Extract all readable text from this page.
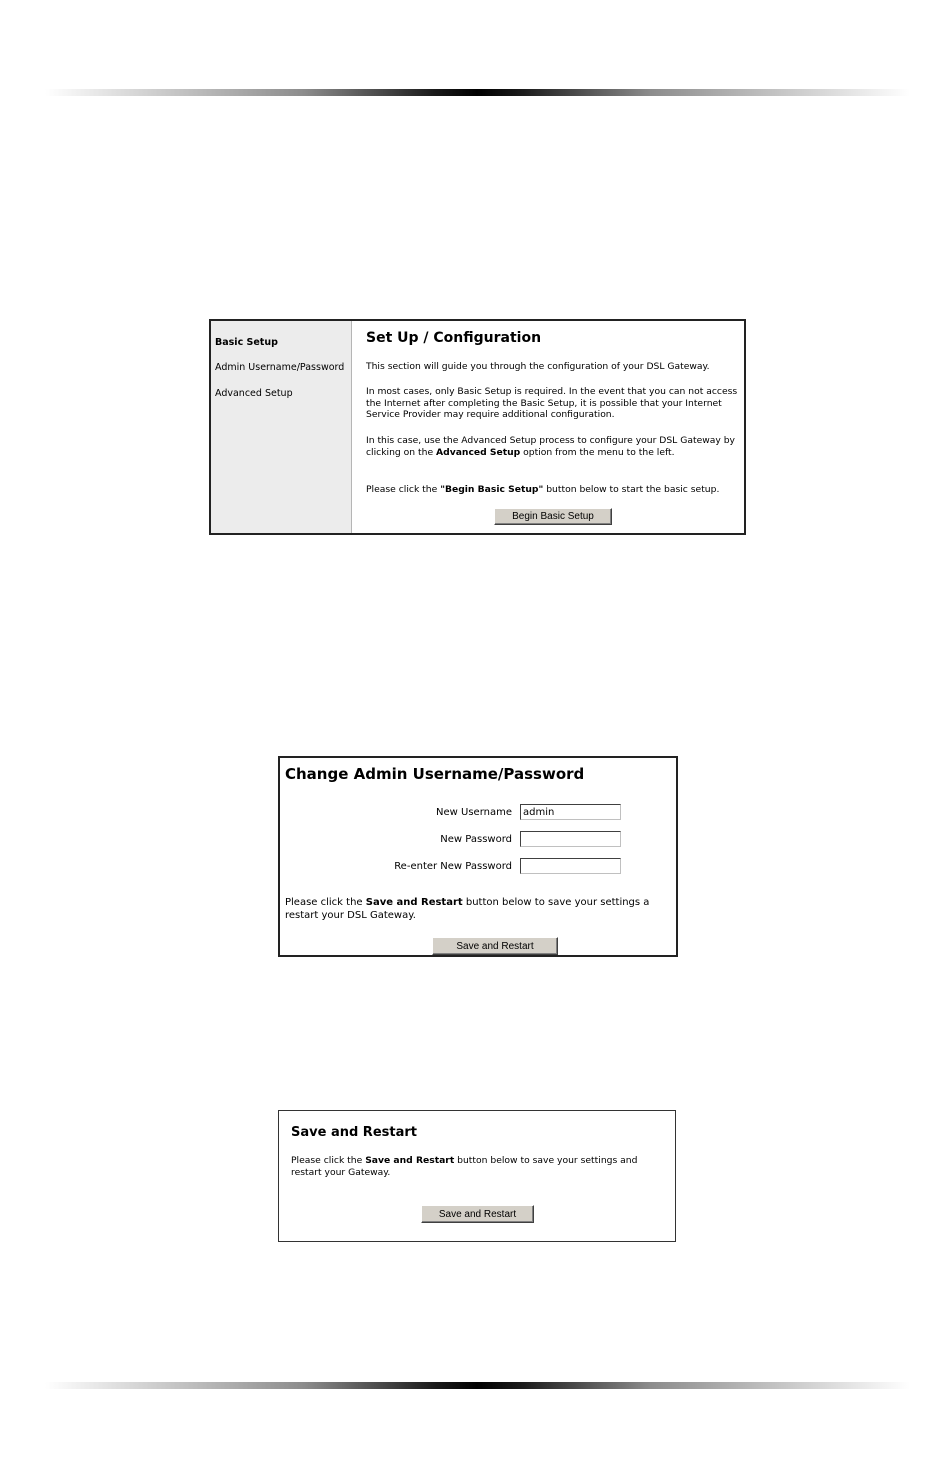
Basic Setup
Admin Username/Password
Advanced Setup
Set Up / Configuration
This section will guide you through the configuration of your DSL Gateway.
In most cases, only Basic Setup is required. In the event that you can not access the Internet after completing the Basic Setup, it is possible that your Internet Service Provider may require additional configuration.
In this case, use the Advanced Setup process to configure your DSL Gateway by clicking on the Advanced Setup option from the menu to the left.
Please click the "Begin Basic Setup" button below to start the basic setup.
Begin Basic Setup
Change Admin Username/Password
New Username
admin
New Password
Re-enter New Password
Please click the Save and Restart button below to save your settings a
restart your DSL Gateway.
Save and Restart
Save and Restart
Please click the Save and Restart button below to save your settings and restart your Gateway.
Save and Restart
